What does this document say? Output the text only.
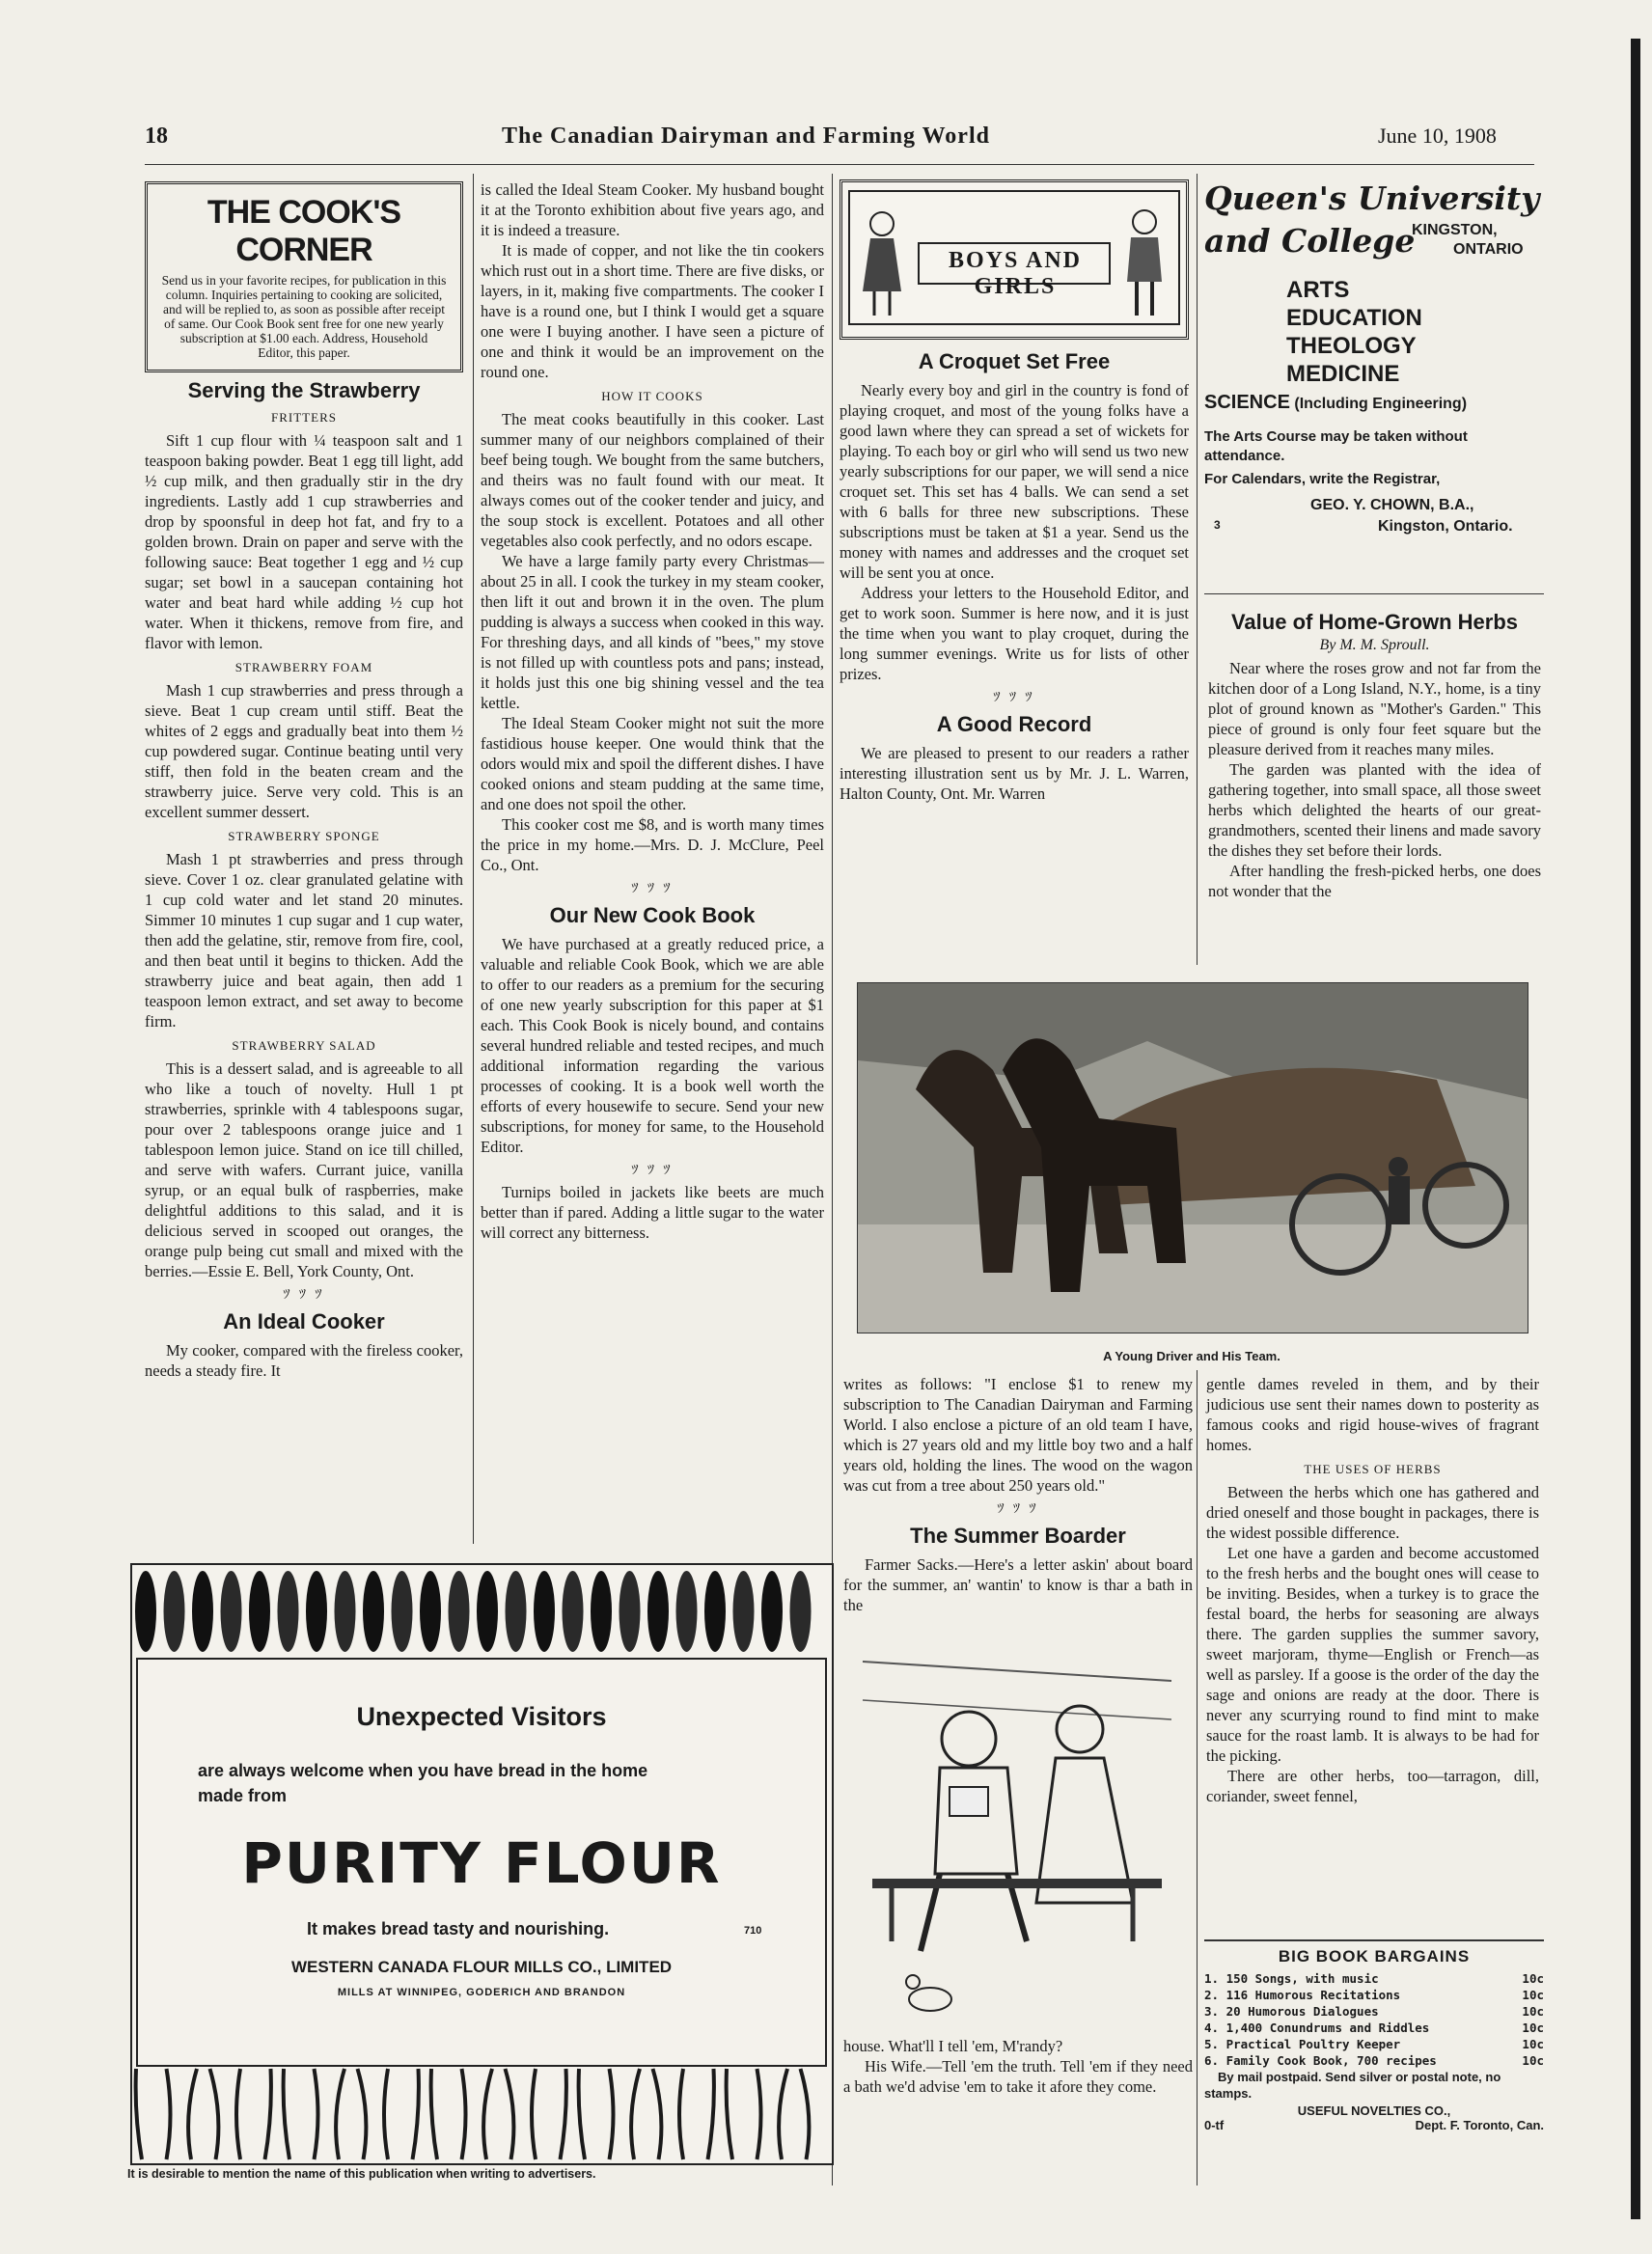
18	The Canadian Dairyman and Farming World	June 10, 1908
THE COOK'S CORNER
Send us in your favorite recipes, for publication in this column. Inquiries pertaining to cooking are solicited, and will be replied to, as soon as possible after receipt of same. Our Cook Book sent free for one new yearly subscription at $1.00 each. Address, Household Editor, this paper.
Serving the Strawberry
FRITTERS

Sift 1 cup flour with ¼ teaspoon salt and 1 teaspoon baking powder. Beat 1 egg till light, add ½ cup milk, and then gradually stir in the dry ingredients. Lastly add 1 cup strawberries and drop by spoonsful in deep hot fat, and fry to a golden brown. Drain on paper and serve with the following sauce: Beat together 1 egg and ½ cup sugar; set bowl in a saucepan containing hot water and beat hard while adding ½ cup hot water. When it thickens, remove from fire, and flavor with lemon.

STRAWBERRY FOAM

Mash 1 cup strawberries and press through a sieve. Beat 1 cup cream until stiff. Beat the whites of 2 eggs and gradually beat into them ½ cup powdered sugar. Continue beating until very stiff, then fold in the beaten cream and the strawberry juice. Serve very cold. This is an excellent summer dessert.

STRAWBERRY SPONGE

Mash 1 pt strawberries and press through sieve. Cover 1 oz. clear granulated gelatine with 1 cup cold water and let stand 20 minutes. Simmer 10 minutes 1 cup sugar and 1 cup water, then add the gelatine, stir, remove from fire, cool, and then beat until it begins to thicken. Add the strawberry juice and beat again, then add 1 teaspoon lemon extract, and set away to become firm.

STRAWBERRY SALAD

This is a dessert salad, and is agreeable to all who like a touch of novelty. Hull 1 pt strawberries, sprinkle with 4 tablespoons sugar, pour over 2 tablespoons orange juice and 1 tablespoon lemon juice. Stand on ice till chilled, and serve with wafers. Currant juice, vanilla syrup, or an equal bulk of raspberries, make delightful additions to this salad, and it is delicious served in scooped out oranges, the orange pulp being cut small and mixed with the berries.—Essie E. Bell, York County, Ont.

ﾂ ﾂ ﾂ
An Ideal Cooker

My cooker, compared with the fireless cooker, needs a steady fire. It

is called the Ideal Steam Cooker. My husband bought it at the Toronto exhibition about five years ago, and it is indeed a treasure.

It is made of copper, and not like the tin cookers which rust out in a short time. There are five disks, or layers, in it, making five compartments. The cooker I have is a round one, but I think I would get a square one were I buying another. I have seen a picture of one and think it would be an improvement on the round one.

HOW IT COOKS

The meat cooks beautifully in this cooker. Last summer many of our neighbors complained of their beef being tough. We bought from the same butchers, and theirs was no fault found with our meat. It always comes out of the cooker tender and juicy, and the soup stock is excellent. Potatoes and all other vegetables also cook perfectly, and no odors escape.

We have a large family party every Christmas—about 25 in all. I cook the turkey in my steam cooker, then lift it out and brown it in the oven. The plum pudding is always a success when cooked in this way. For threshing days, and all kinds of "bees," my stove is not filled up with countless pots and pans; instead, it holds just this one big shining vessel and the tea kettle.

The Ideal Steam Cooker might not suit the more fastidious house keeper. One would think that the odors would mix and spoil the different dishes. I have cooked onions and steam pudding at the same time, and one does not spoil the other.

This cooker cost me $8, and is worth many times the price in my home.—Mrs. D. J. McClure, Peel Co., Ont.

ﾂ ﾂ ﾂ
Our New Cook Book

We have purchased at a greatly reduced price, a valuable and reliable Cook Book, which we are able to offer to our readers as a premium for the securing of one new yearly subscription for this paper at $1 each. This Cook Book is nicely bound, and contains several hundred reliable and tested recipes, and much additional information regarding the various processes of cooking. It is a book well worth the efforts of every housewife to secure. Send your new subscriptions, for money for same, to the Household Editor.

ﾂ ﾂ ﾂ

Turnips boiled in jackets like beets are much better than if pared. Adding a little sugar to the water will correct any bitterness.

BOYS AND GIRLS
A Croquet Set Free

Nearly every boy and girl in the country is fond of playing croquet, and most of the young folks have a good lawn where they can spread a set of wickets for playing. To each boy or girl who will send us two new yearly subscriptions for our paper, we will send a nice croquet set. This set has 4 balls. We can send a set with 6 balls for three new subscriptions. These subscriptions must be taken at $1 a year. Send us the money with names and addresses and the croquet set will be sent you at once.

Address your letters to the Household Editor, and get to work soon. Summer is here now, and it is just the time when you want to play croquet, during the long summer evenings. Write us for lists of other prizes.

ﾂ ﾂ ﾂ
A Good Record

We are pleased to present to our readers a rather interesting illustration sent us by Mr. J. L. Warren, Halton County, Ont. Mr. Warren

Queen's University
and College
KINGSTON,
ONTARIO
ARTS
EDUCATION
THEOLOGY
MEDICINE
SCIENCE (Including Engineering)
The Arts Course may be taken without attendance.
For Calendars, write the Registrar,
GEO. Y. CHOWN, B.A.,
3	Kingston, Ontario.
Value of Home-Grown Herbs
By M. M. Sproull.

Near where the roses grow and not far from the kitchen door of a Long Island, N.Y., home, is a tiny plot of ground known as "Mother's Garden." This piece of ground is only four feet square but the pleasure derived from it reaches many miles.

The garden was planted with the idea of gathering together, into small space, all those sweet herbs which delighted the hearts of our great-grandmothers, scented their linens and made savory the dishes they set before their lords.

After handling the fresh-picked herbs, one does not wonder that the

A Young Driver and His Team.

writes as follows: "I enclose $1 to renew my subscription to The Canadian Dairyman and Farming World. I also enclose a picture of an old team I have, which is 27 years old and my little boy two and a half years old, holding the lines. The wood on the wagon was cut from a tree about 250 years old."

ﾂ ﾂ ﾂ
The Summer Boarder

Farmer Sacks.—Here's a letter askin' about board for the summer, an' wantin' to know is thar a bath in the

house. What'll I tell 'em, M'randy?

His Wife.—Tell 'em the truth. Tell 'em if they need a bath we'd advise 'em to take it afore they come.

gentle dames reveled in them, and by their judicious use sent their names down to posterity as famous cooks and rigid house-wives of fragrant homes.

THE USES OF HERBS

Between the herbs which one has gathered and dried oneself and those bought in packages, there is the widest possible difference.

Let one have a garden and become accustomed to the fresh herbs and the bought ones will cease to be inviting. Besides, when a turkey is to grace the festal board, the herbs for seasoning are always there. The garden supplies the summer savory, sweet marjoram, thyme—English or French—as well as parsley. If a goose is the order of the day the sage and onions are ready at the door. There is never any scurrying round to find mint to make sauce for the roast lamb. It is always to be had for the picking.

There are other herbs, too—tarragon, dill, coriander, sweet fennel,

BIG BOOK BARGAINS
1. 150 Songs, with music	10c
2. 116 Humorous Recitations	10c
3. 20 Humorous Dialogues	10c
4. 1,400 Conundrums and Riddles	10c
5. Practical Poultry Keeper	10c
6. Family Cook Book, 700 recipes	10c
By mail postpaid. Send silver or postal note, no stamps.
USEFUL NOVELTIES CO.,
0-tf	Dept. F. Toronto, Can.
Unexpected Visitors
are always welcome when you have bread in the home
made from
PURITY FLOUR
It makes bread tasty and nourishing.	710
WESTERN CANADA FLOUR MILLS CO., LIMITED
MILLS AT WINNIPEG, GODERICH AND BRANDON
It is desirable to mention the name of this publication when writing to advertisers.
